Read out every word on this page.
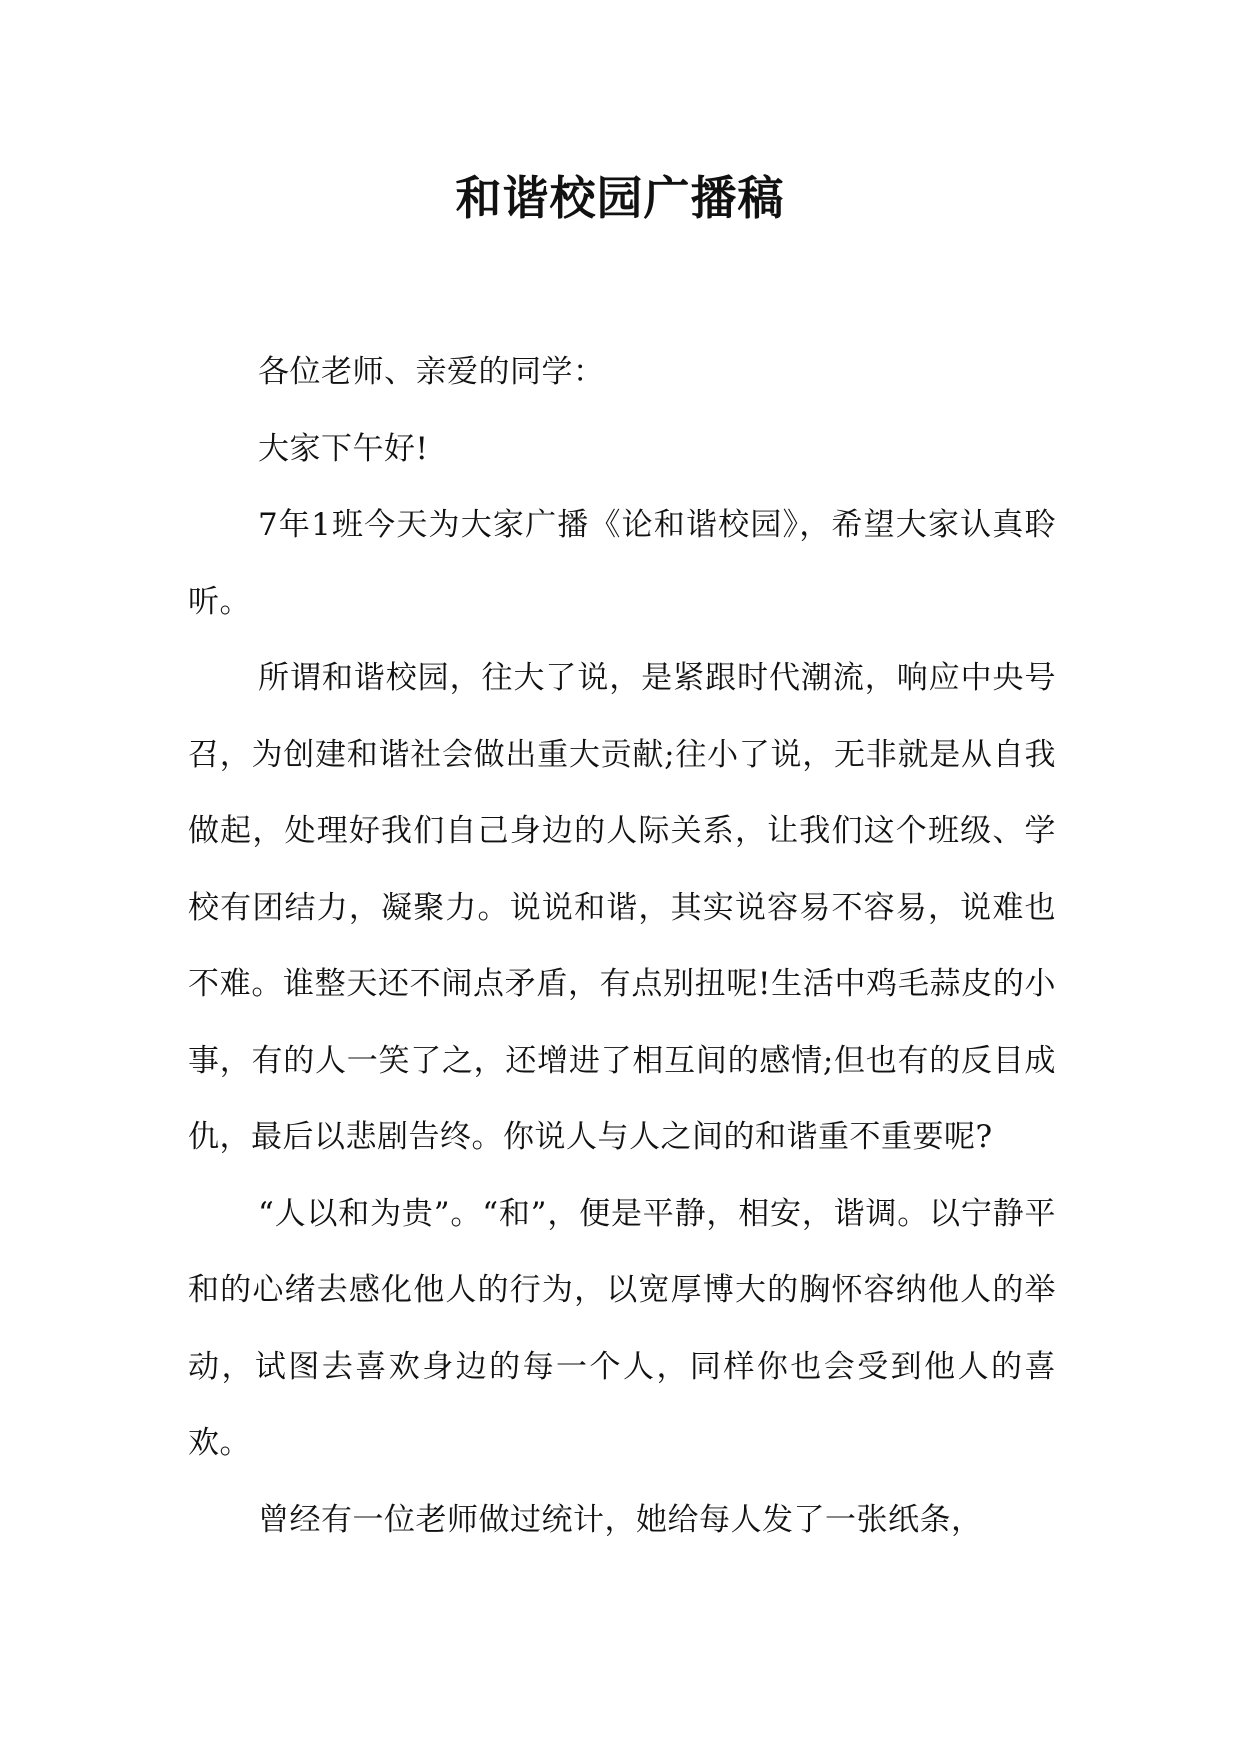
和谐校园广播稿

各位老师、亲爱的同学：

大家下午好!

7年1班今天为大家广播《论和谐校园》，希望大家认真聆听。

所谓和谐校园，往大了说，是紧跟时代潮流，响应中央号召，为创建和谐社会做出重大贡献;往小了说，无非就是从自我做起，处理好我们自己身边的人际关系，让我们这个班级、学校有团结力，凝聚力。说说和谐，其实说容易不容易，说难也不难。谁整天还不闹点矛盾，有点别扭呢!生活中鸡毛蒜皮的小事，有的人一笑了之，还增进了相互间的感情;但也有的反目成仇，最后以悲剧告终。你说人与人之间的和谐重不重要呢?

“人以和为贵”。“和”，便是平静，相安，谐调。以宁静平和的心绪去感化他人的行为，以宽厚博大的胸怀容纳他人的举动，试图去喜欢身边的每一个人，同样你也会受到他人的喜欢。

曾经有一位老师做过统计，她给每人发了一张纸条，
